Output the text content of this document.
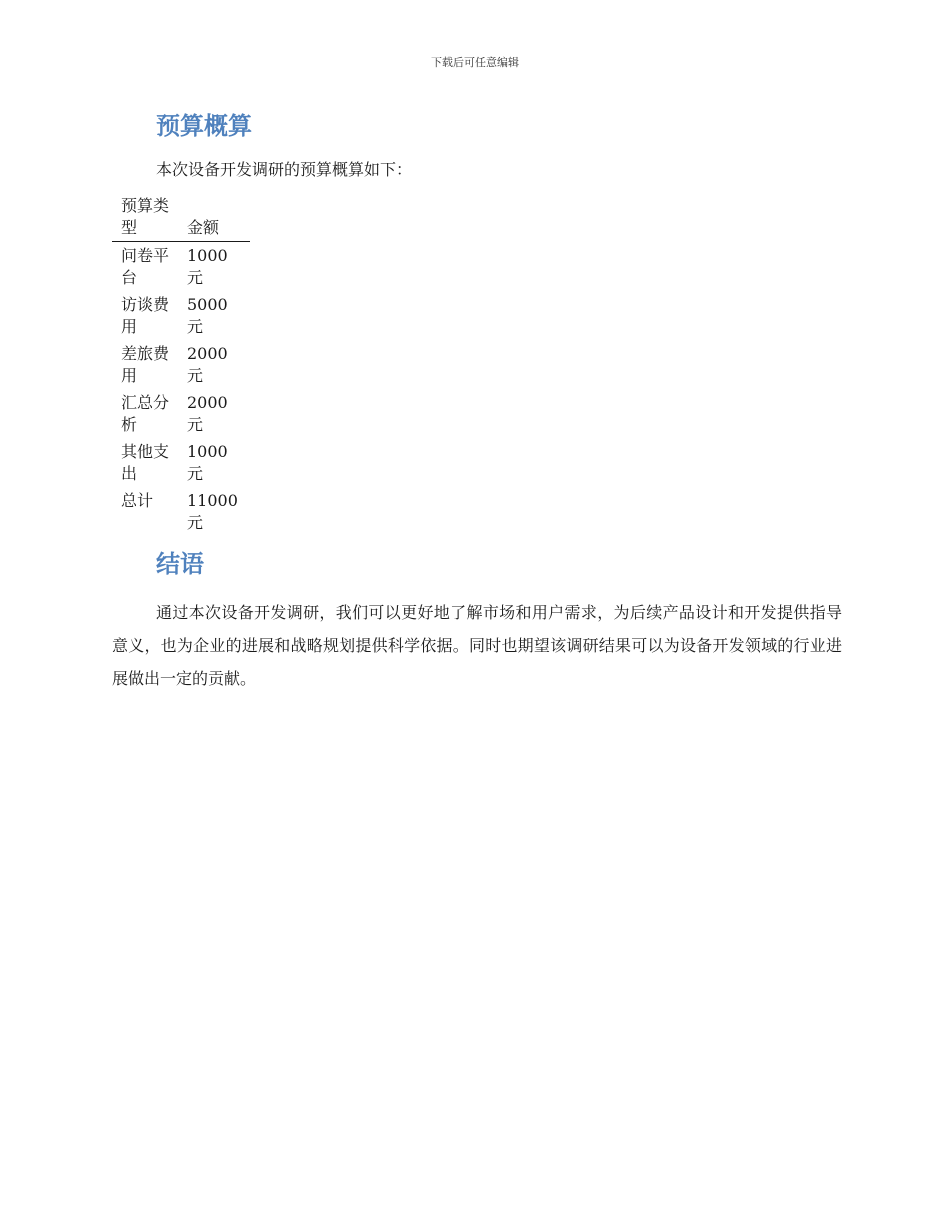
下载后可任意编辑
预算概算

本次设备开发调研的预算概算如下：

预算类型	金额
问卷平台	1000 元
访谈费用	5000 元
差旅费用	2000 元
汇总分析	2000 元
其他支出	1000 元
总计	11000 元
结语

通过本次设备开发调研，我们可以更好地了解市场和用户需求，为后续产品设计和开发提供指导意义，也为企业的进展和战略规划提供科学依据。同时也期望该调研结果可以为设备开发领域的行业进展做出一定的贡献。
